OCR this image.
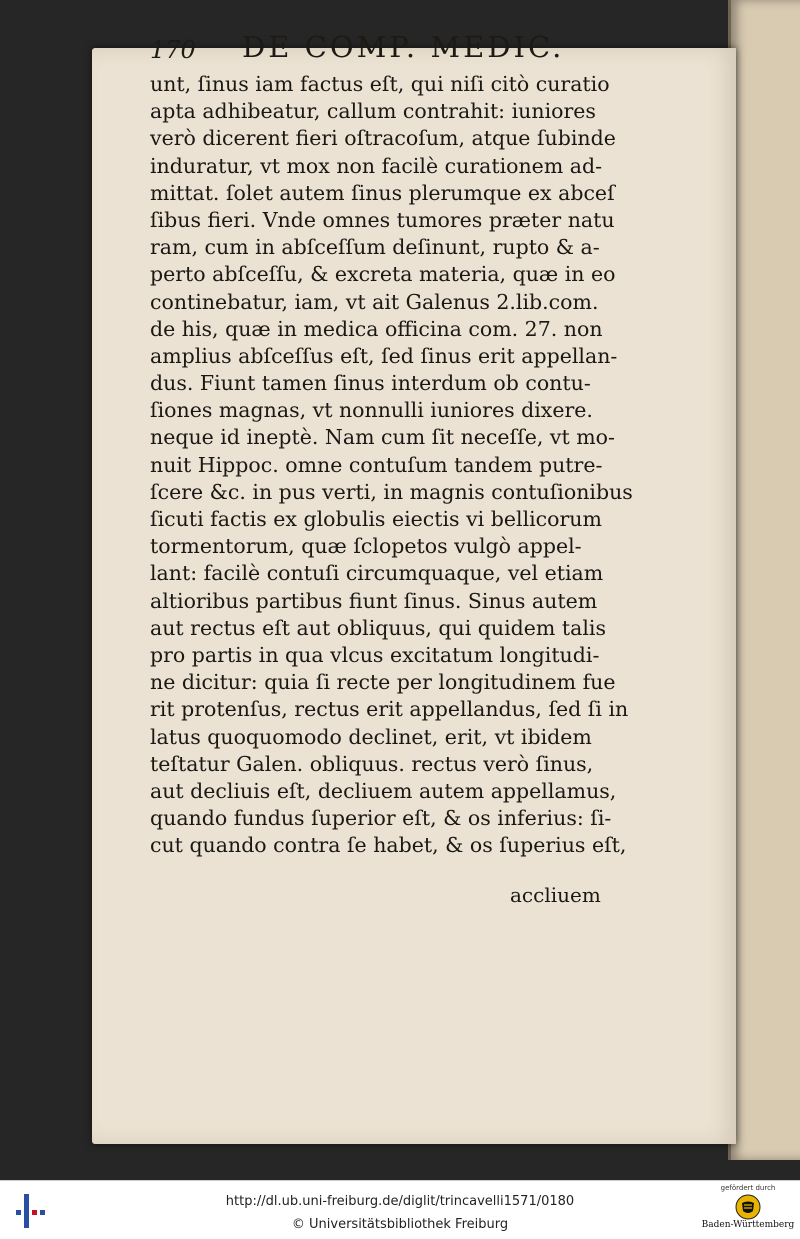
170 DE COMP. MEDIC.
unt, ſinus iam factus eſt, qui niſi citò curatio
apta adhibeatur, callum contrahit: iuniores
verò dicerent fieri oſtracoſum, atque ſubinde
induratur, vt mox non facilè curationem ad-
mittat. ſolet autem ſinus plerumque ex abceſ
ſibus fieri. Vnde omnes tumores præter natu
ram, cum in abſceſſum deſinunt, rupto & a-
perto abſceſſu, & excreta materia, quæ in eo
continebatur, iam, vt ait Galenus 2.lib.com.
de his, quæ in medica officina com. 27. non
amplius abſceſſus eſt, ſed ſinus erit appellan-
dus. Fiunt tamen ſinus interdum ob contu-
ſiones magnas, vt nonnulli iuniores dixere.
neque id ineptè. Nam cum ſit neceſſe, vt mo-
nuit Hippoc. omne contuſum tandem putre-
ſcere &c. in pus verti, in magnis contuſionibus
ſicuti factis ex globulis eiectis vi bellicorum
tormentorum, quæ ſclopetos vulgò appel-
lant: facilè contuſi circumquaque, vel etiam
altioribus partibus fiunt ſinus. Sinus autem
aut rectus eſt aut obliquus, qui quidem talis
pro partis in qua vlcus excitatum longitudi-
ne dicitur: quia ſi recte per longitudinem fue
rit protenſus, rectus erit appellandus, ſed ſi in
latus quoquomodo declinet, erit, vt ibidem
teſtatur Galen. obliquus. rectus verò ſinus,
aut decliuis eſt, decliuem autem appellamus,
quando fundus ſuperior eſt, & os inferius: ſi-
cut quando contra ſe habet, & os ſuperius eſt,
accliuem
http://dl.ub.uni-freiburg.de/diglit/trincavelli1571/0180
© Universitätsbibliothek Freiburg
gefördert durch
Baden-Württemberg
